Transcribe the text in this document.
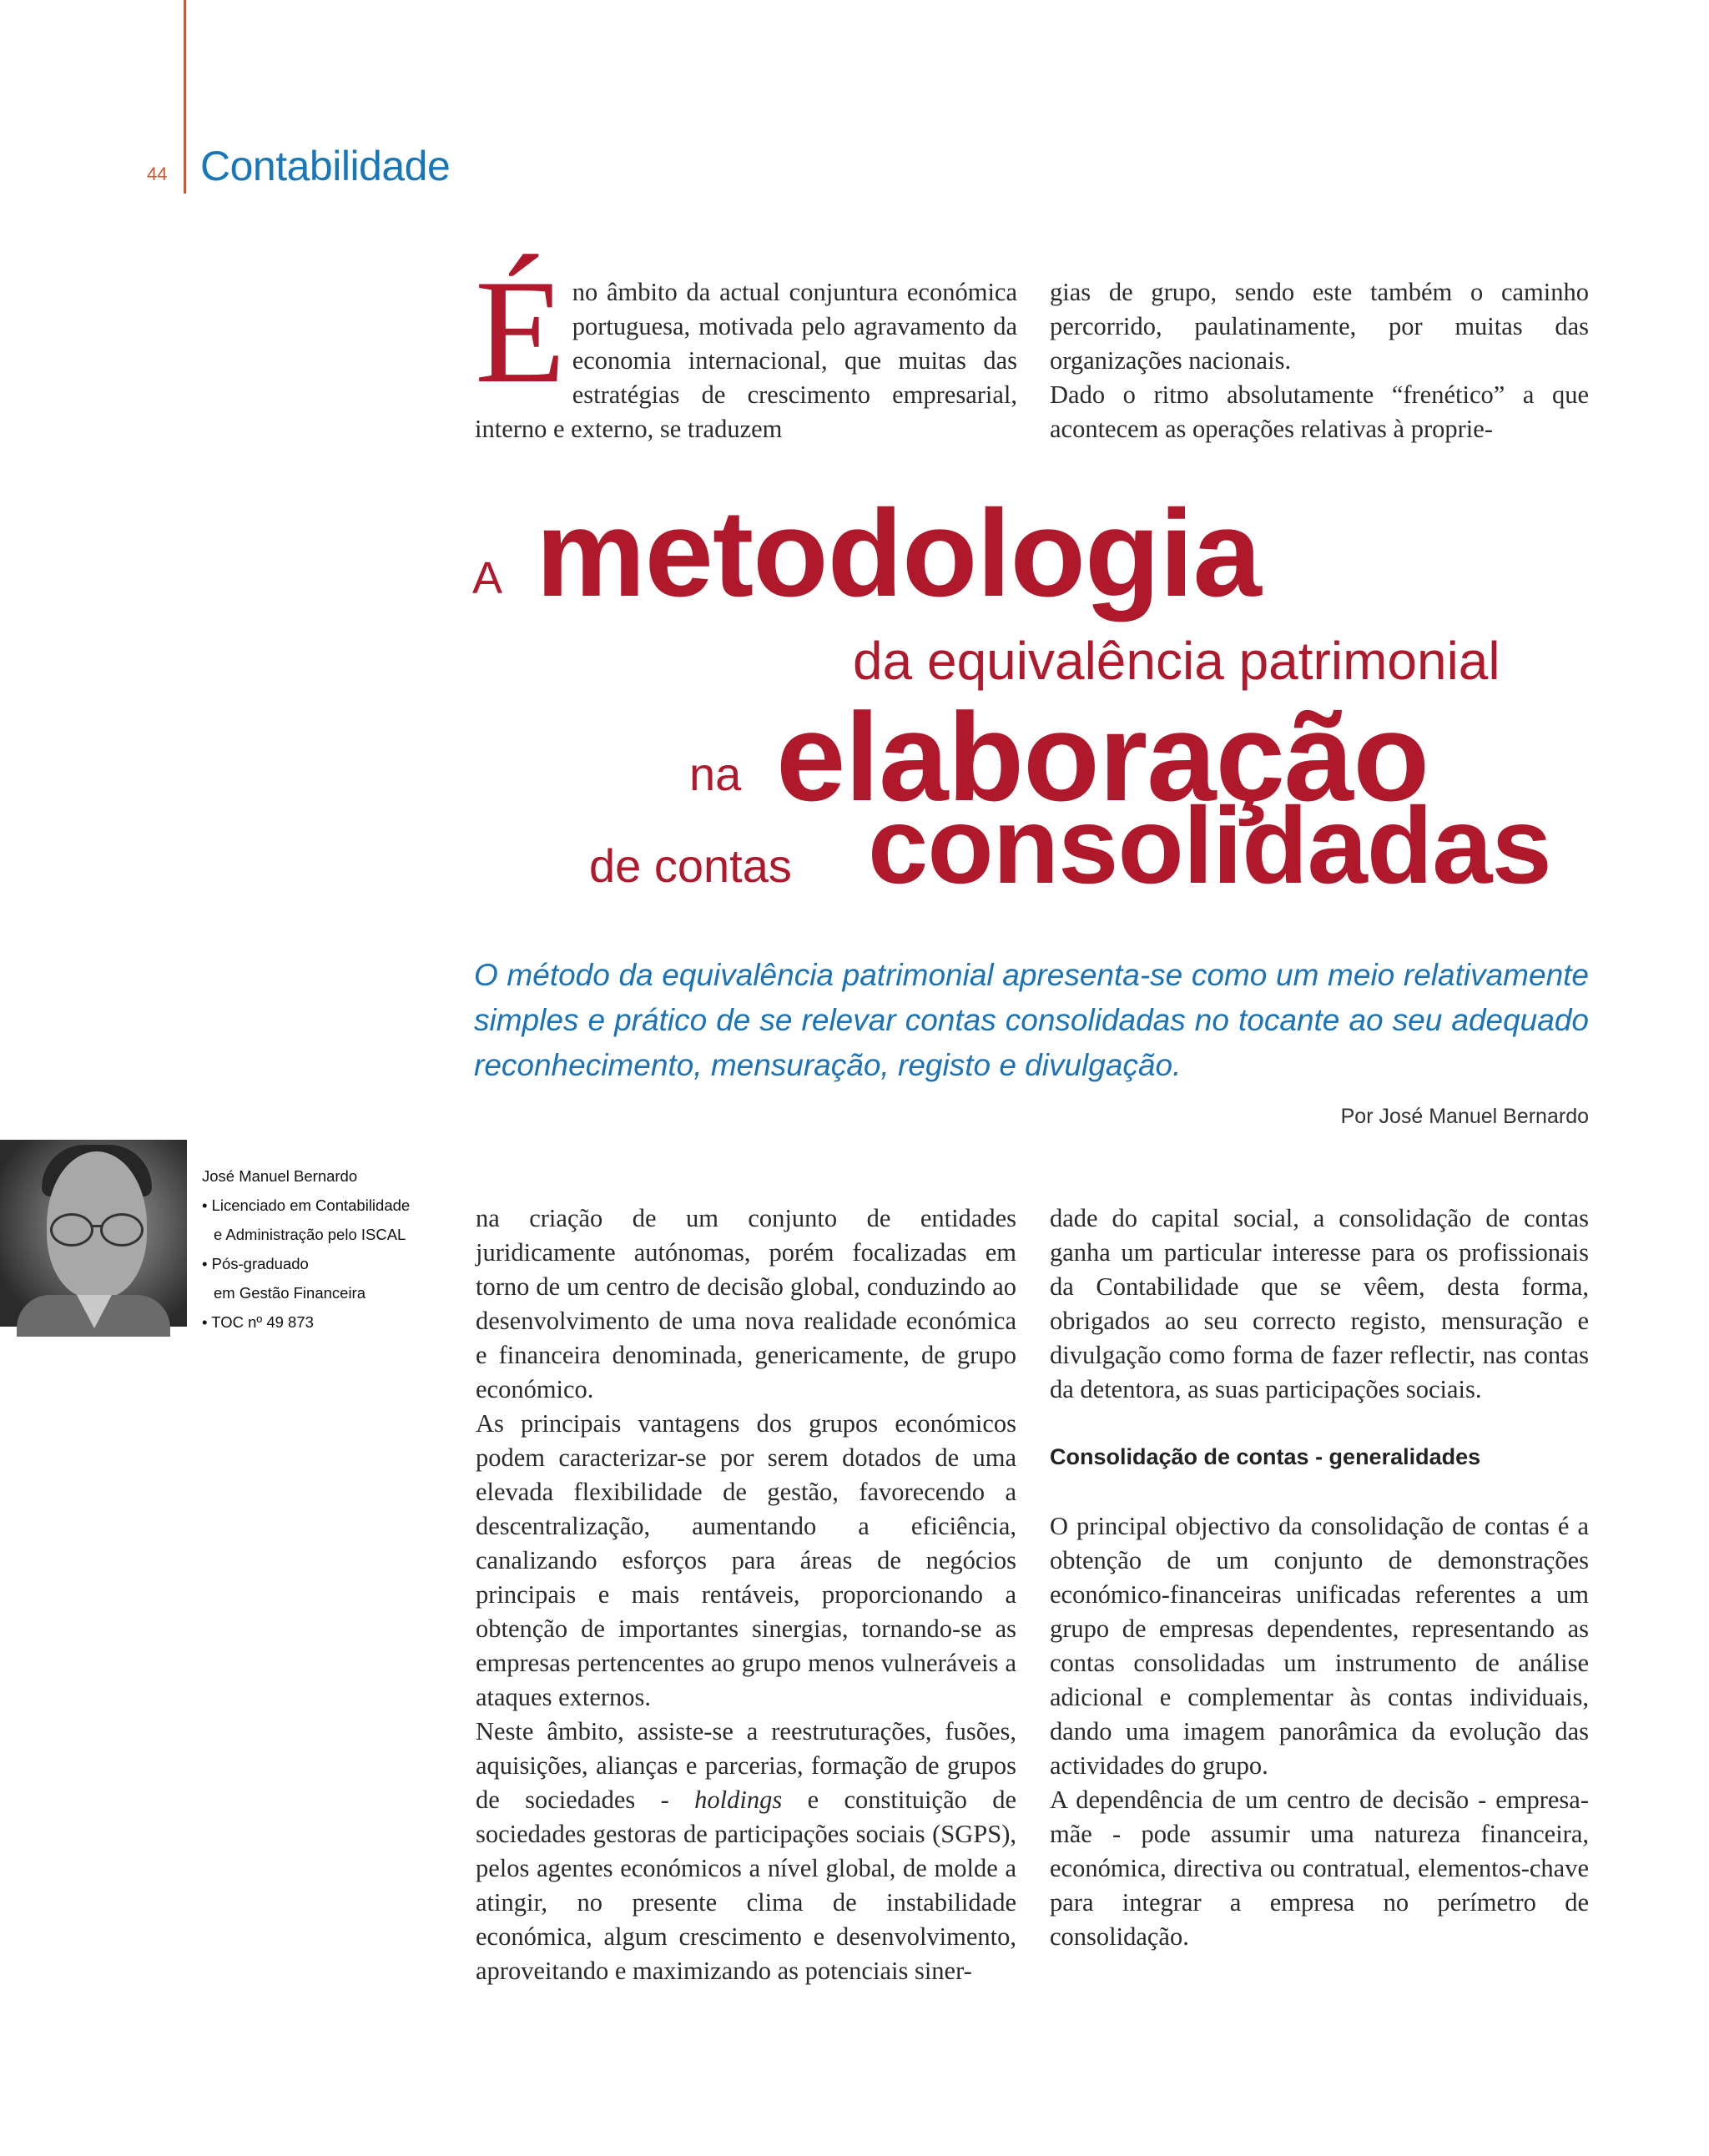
44 Contabilidade

Éno âmbito da actual conjuntura económica portuguesa, motivada pelo agravamento da economia internacional, que muitas das estratégias de crescimento empresarial, interno e externo, se traduzem

gias de grupo, sendo este também o caminho percorrido, paulatinamente, por muitas das organizações nacionais.

Dado o ritmo absolutamente “frenético” a que acontecem as operações relativas à proprie-

A metodologia
da equivalência patrimonial
na elaboração
de contas consolidadas
O método da equivalência patrimonial apresenta-se como um meio relativamente simples e prático de se relevar contas consolidadas no tocante ao seu adequado reconhecimento, mensuração, registo e divulgação.
Por José Manuel Bernardo
José Manuel Bernardo
• Licenciado em Contabilidade
e Administração pelo ISCAL
• Pós-graduado
em Gestão Financeira
• TOC nº 49 873

na criação de um conjunto de entidades juridicamente autónomas, porém focalizadas em torno de um centro de decisão global, conduzindo ao desenvolvimento de uma nova realidade económica e financeira denominada, genericamente, de grupo económico.

As principais vantagens dos grupos económicos podem caracterizar-se por serem dotados de uma elevada flexibilidade de gestão, favorecendo a descentralização, aumentando a eficiência, canalizando esforços para áreas de negócios principais e mais rentáveis, proporcionando a obtenção de importantes sinergias, tornando-se as empresas pertencentes ao grupo menos vulneráveis a ataques externos.

Neste âmbito, assiste-se a reestruturações, fusões, aquisições, alianças e parcerias, formação de grupos de sociedades - holdings e constituição de sociedades gestoras de participações sociais (SGPS), pelos agentes económicos a nível global, de molde a atingir, no presente clima de instabilidade económica, algum crescimento e desenvolvimento, aproveitando e maximizando as potenciais siner-

dade do capital social, a consolidação de contas ganha um particular interesse para os profissionais da Contabilidade que se vêem, desta forma, obrigados ao seu correcto registo, mensuração e divulgação como forma de fazer reflectir, nas contas da detentora, as suas participações sociais.

Consolidação de contas - generalidades

O principal objectivo da consolidação de contas é a obtenção de um conjunto de demonstrações económico-financeiras unificadas referentes a um grupo de empresas dependentes, representando as contas consolidadas um instrumento de análise adicional e complementar às contas individuais, dando uma imagem panorâmica da evolução das actividades do grupo.

A dependência de um centro de decisão - empresa-mãe - pode assumir uma natureza financeira, económica, directiva ou contratual, elementos-chave para integrar a empresa no perímetro de consolidação.
